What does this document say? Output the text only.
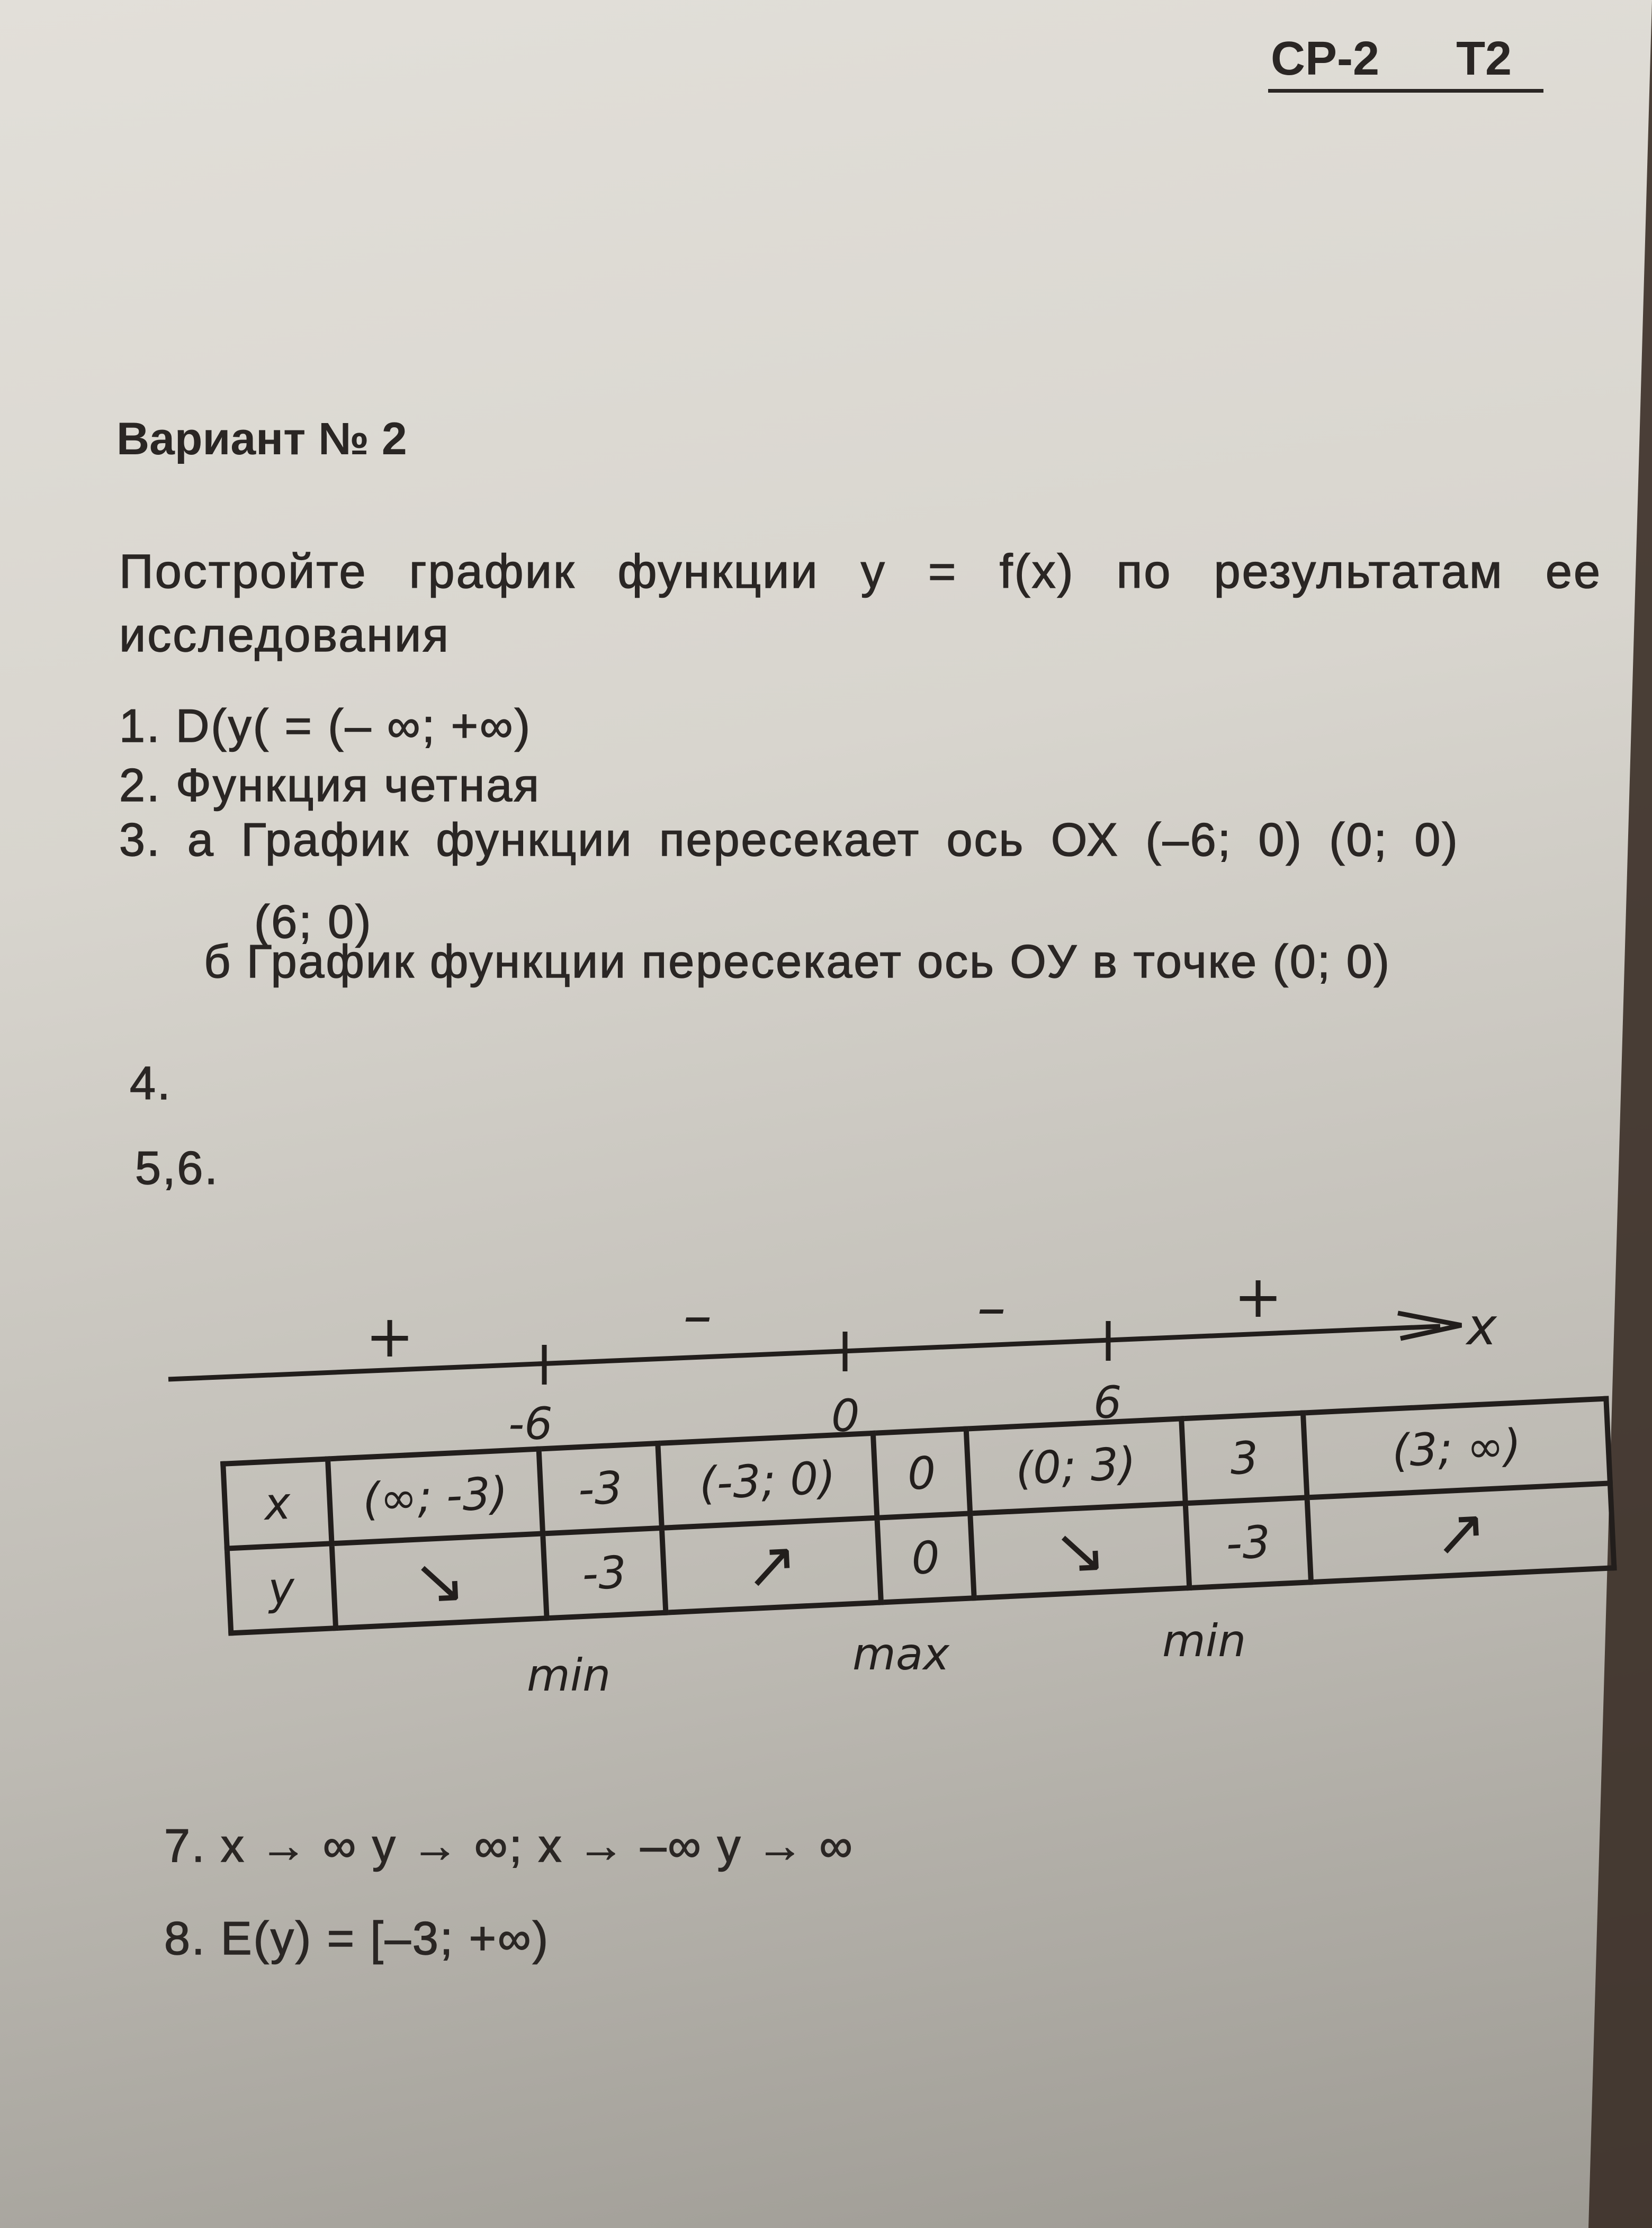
СР-2 Т2
Вариант № 2
Постройте график функции y = f(x) по результатам ее исследования
1. D(y( = (– ∞; +∞)
2. Функция четная
3. а График функции пересекает ось ОХ (–6; 0) (0; 0)
(6; 0)
б График функции пересекает ось ОУ в точке (0; 0)
4.
5,6.
x
+	–	–	+
-6	0	6
x	(∞; -3)	-3	(-3; 0)	0	(0; 3)	3	(3; ∞)
y	↘	-3	↗	0	↘	-3	↗
min	max	min
7. x → ∞ y → ∞; x → –∞ y → ∞
8. E(y) = [–3; +∞)
